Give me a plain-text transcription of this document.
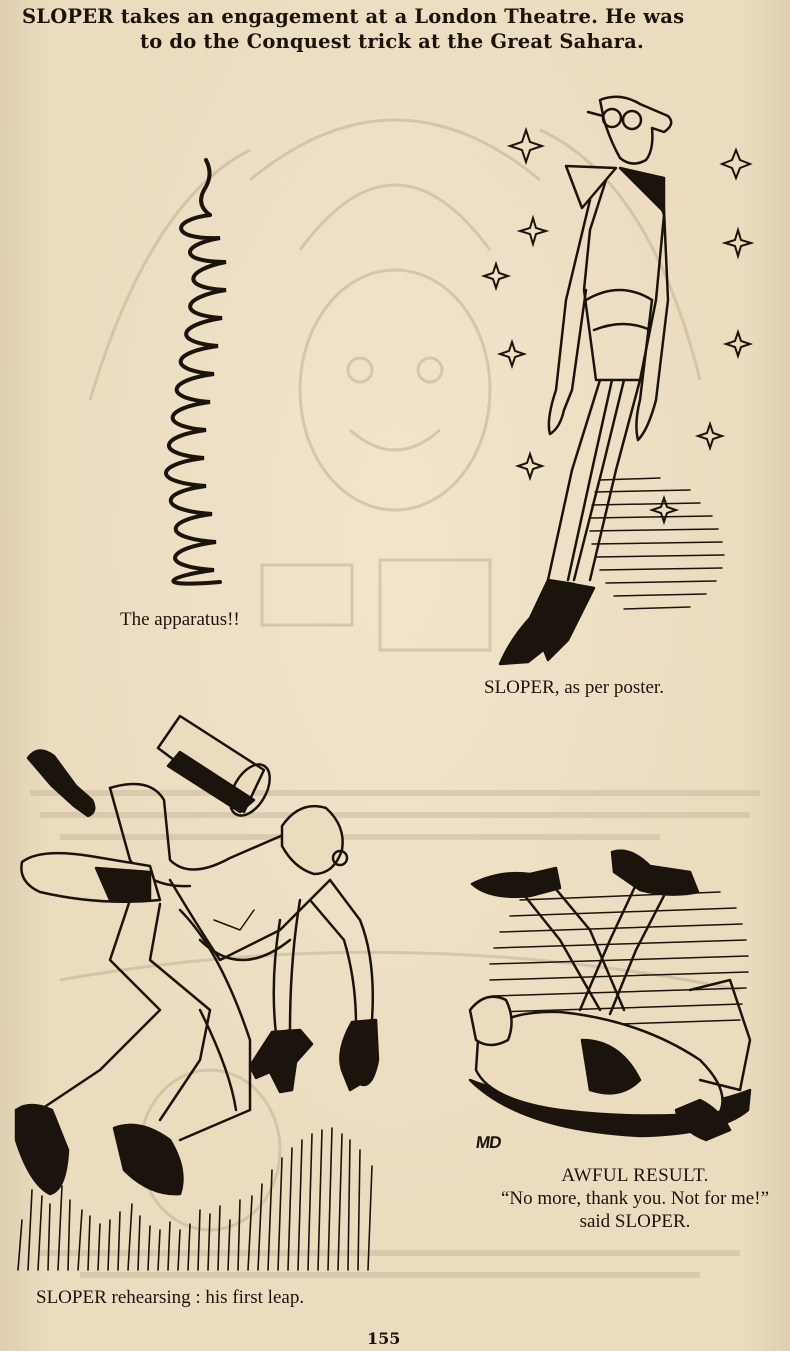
SLOPER takes an engagement at a London Theatre. He was
to do the Conquest trick at the Great Sahara.
The apparatus!!
SLOPER, as per poster.
MD
AWFUL RESULT.
“No more, thank you. Not for me!”
said SLOPER.
SLOPER rehearsing : his first leap.
155
